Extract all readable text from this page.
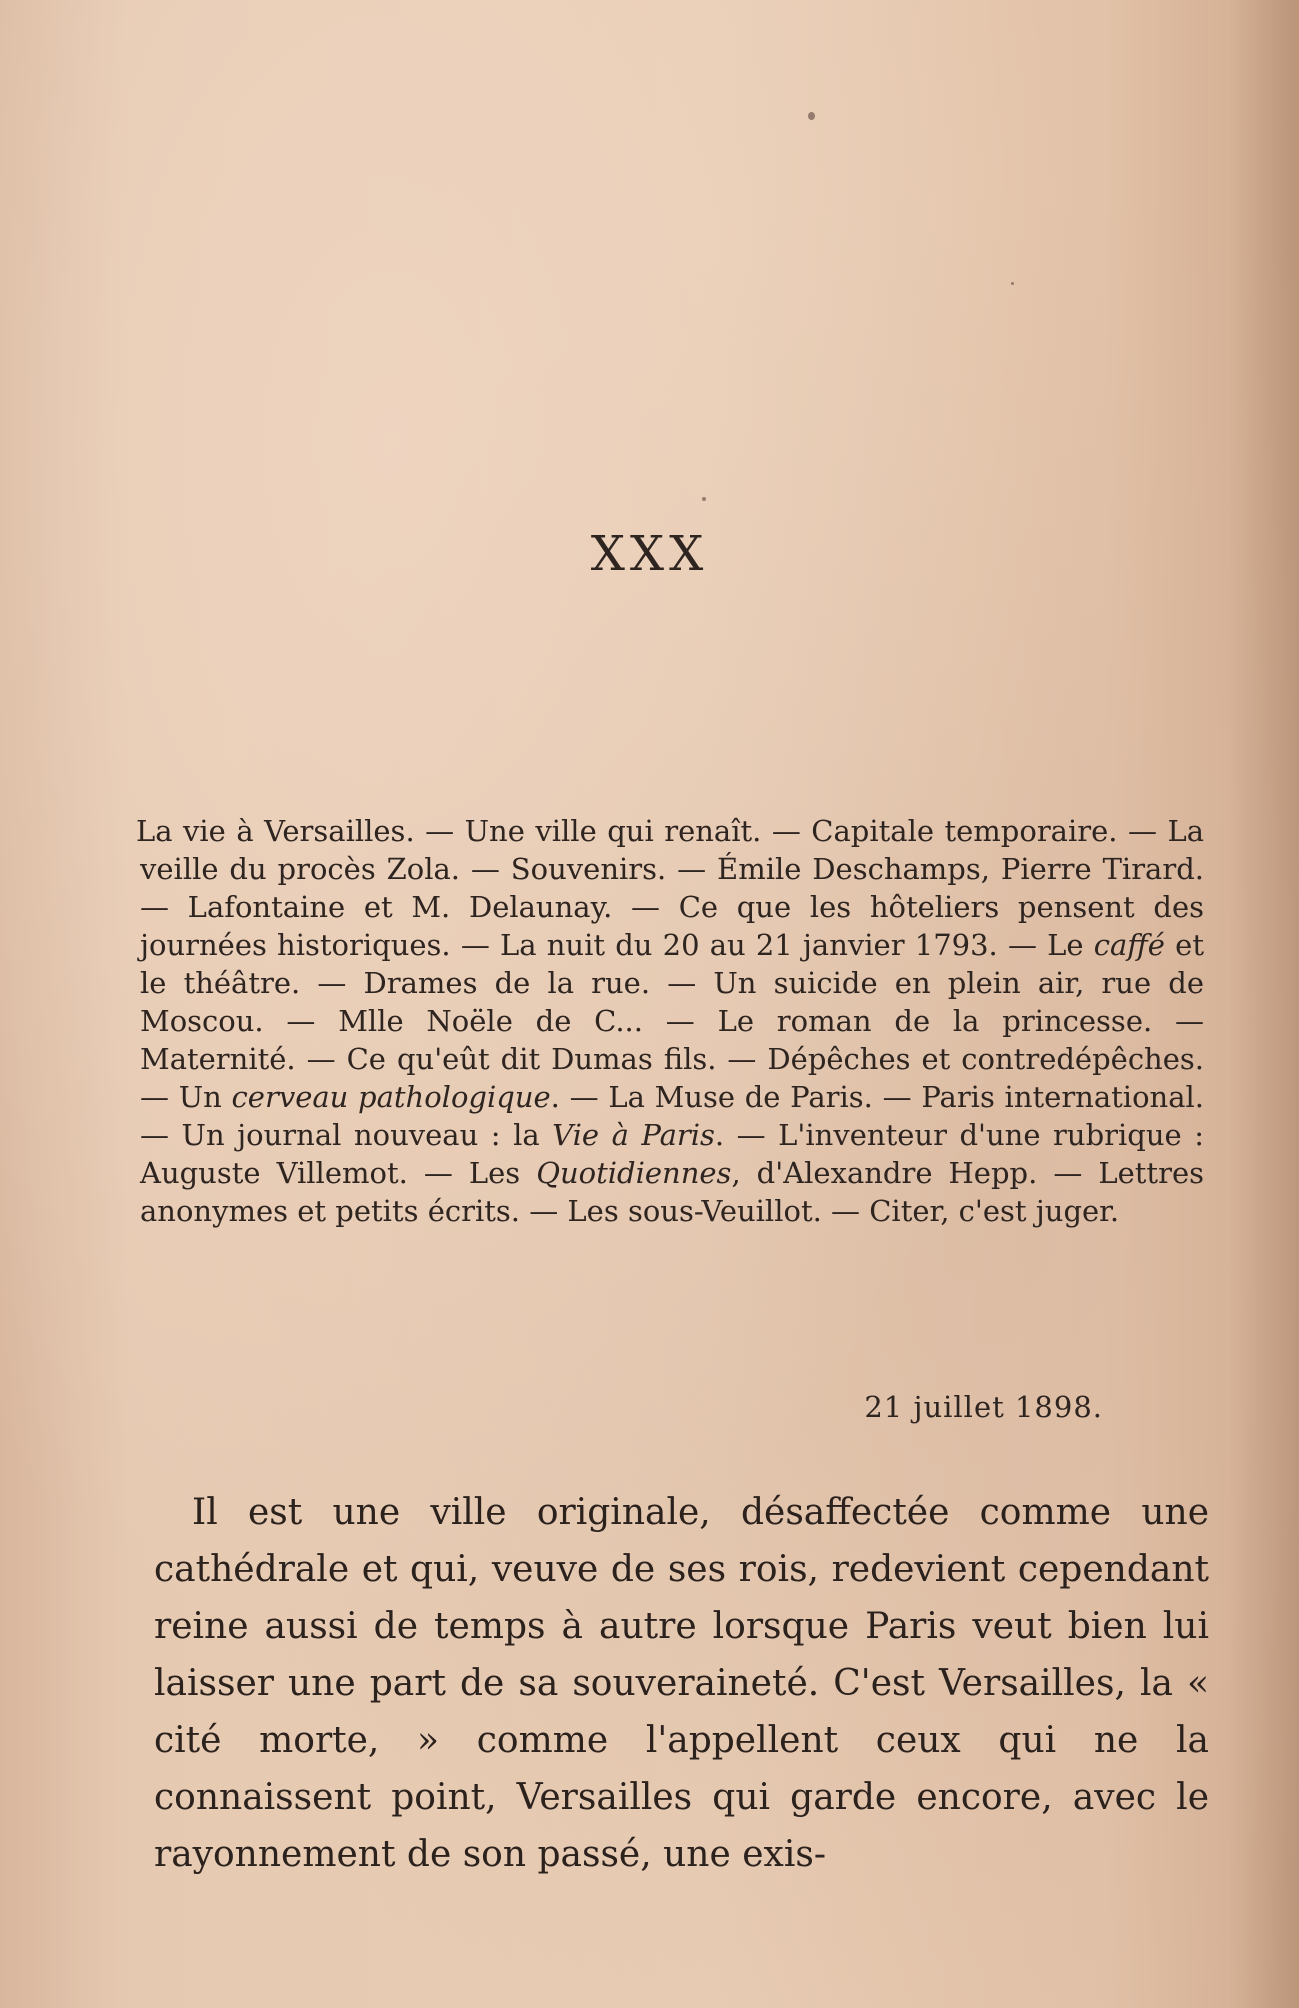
XXX

La vie à Versailles. — Une ville qui renaît. — Capitale temporaire. — La veille du procès Zola. — Souvenirs. — Émile Deschamps, Pierre Tirard. — Lafontaine et M. Delaunay. — Ce que les hôteliers pensent des journées historiques. — La nuit du 20 au 21 janvier 1793. — Le caffé et le théâtre. — Drames de la rue. — Un suicide en plein air, rue de Moscou. — Mlle Noële de C... — Le roman de la princesse. — Maternité. — Ce qu'eût dit Dumas fils. — Dépêches et contredépêches. — Un cerveau pathologique. — La Muse de Paris. — Paris international. — Un journal nouveau : la Vie à Paris. — L'inventeur d'une rubrique : Auguste Villemot. — Les Quotidiennes, d'Alexandre Hepp. — Lettres anonymes et petits écrits. — Les sous-Veuillot. — Citer, c'est juger.

21 juillet 1898.

Il est une ville originale, désaffectée comme une cathédrale et qui, veuve de ses rois, redevient cependant reine aussi de temps à autre lorsque Paris veut bien lui laisser une part de sa souveraineté. C'est Versailles, la « cité morte, » comme l'appellent ceux qui ne la connaissent point, Versailles qui garde encore, avec le rayonnement de son passé, une exis-
